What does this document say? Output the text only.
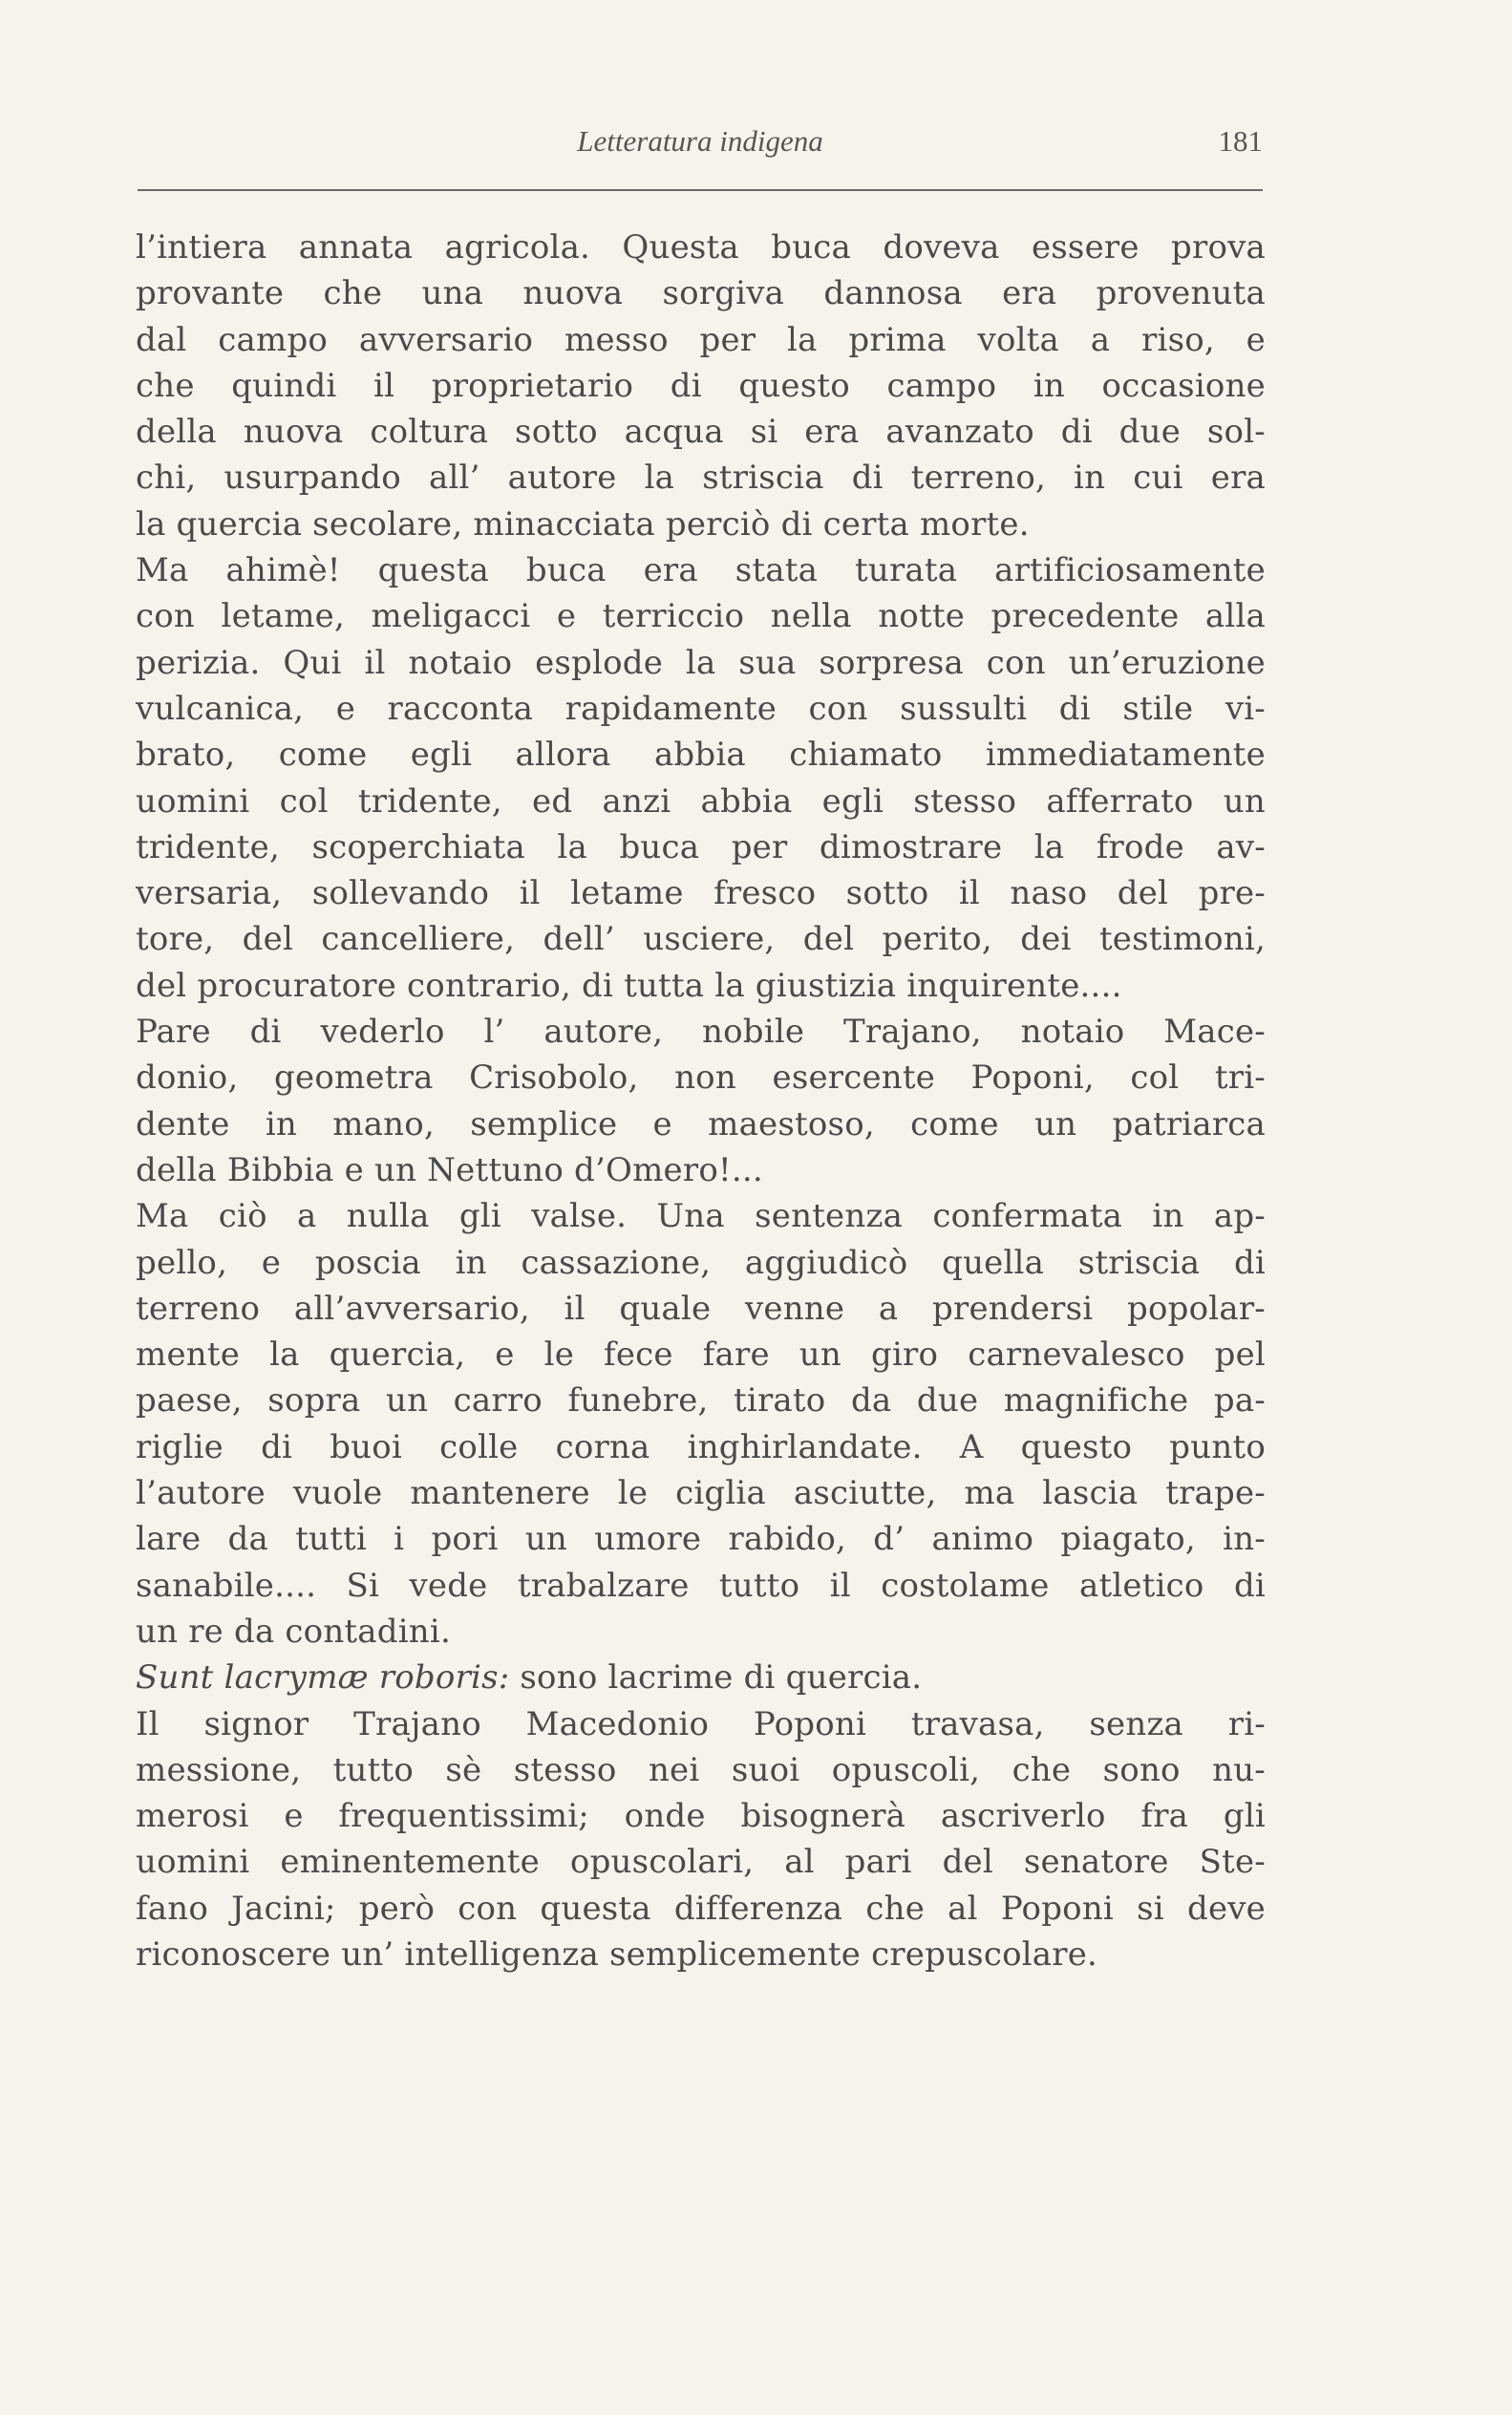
Letteratura indigena	181
l’intiera annata agricola. Questa buca doveva essere prova
provante che una nuova sorgiva dannosa era provenuta
dal campo avversario messo per la prima volta a riso, e
che quindi il proprietario di questo campo in occasione
della nuova coltura sotto acqua si era avanzato di due sol-
chi, usurpando all’ autore la striscia di terreno, in cui era
la quercia secolare, minacciata perciò di certa morte.
Ma ahimè! questa buca era stata turata artificiosamente
con letame, meligacci e terriccio nella notte precedente alla
perizia. Qui il notaio esplode la sua sorpresa con un’eruzione
vulcanica, e racconta rapidamente con sussulti di stile vi-
brato, come egli allora abbia chiamato immediatamente
uomini col tridente, ed anzi abbia egli stesso afferrato un
tridente, scoperchiata la buca per dimostrare la frode av-
versaria, sollevando il letame fresco sotto il naso del pre-
tore, del cancelliere, dell’ usciere, del perito, dei testimoni,
del procuratore contrario, di tutta la giustizia inquirente....
Pare di vederlo l’ autore, nobile Trajano, notaio Mace-
donio, geometra Crisobolo, non esercente Poponi, col tri-
dente in mano, semplice e maestoso, come un patriarca
della Bibbia e un Nettuno d’Omero!...
Ma ciò a nulla gli valse. Una sentenza confermata in ap-
pello, e poscia in cassazione, aggiudicò quella striscia di
terreno all’avversario, il quale venne a prendersi popolar-
mente la quercia, e le fece fare un giro carnevalesco pel
paese, sopra un carro funebre, tirato da due magnifiche pa-
riglie di buoi colle corna inghirlandate. A questo punto
l’autore vuole mantenere le ciglia asciutte, ma lascia trape-
lare da tutti i pori un umore rabido, d’ animo piagato, in-
sanabile.... Si vede trabalzare tutto il costolame atletico di
un re da contadini.
Sunt lacrymæ roboris: sono lacrime di quercia.
Il signor Trajano Macedonio Poponi travasa, senza ri-
messione, tutto sè stesso nei suoi opuscoli, che sono nu-
merosi e frequentissimi; onde bisognerà ascriverlo fra gli
uomini eminentemente opuscolari, al pari del senatore Ste-
fano Jacini; però con questa differenza che al Poponi si deve
riconoscere un’ intelligenza semplicemente crepuscolare.
